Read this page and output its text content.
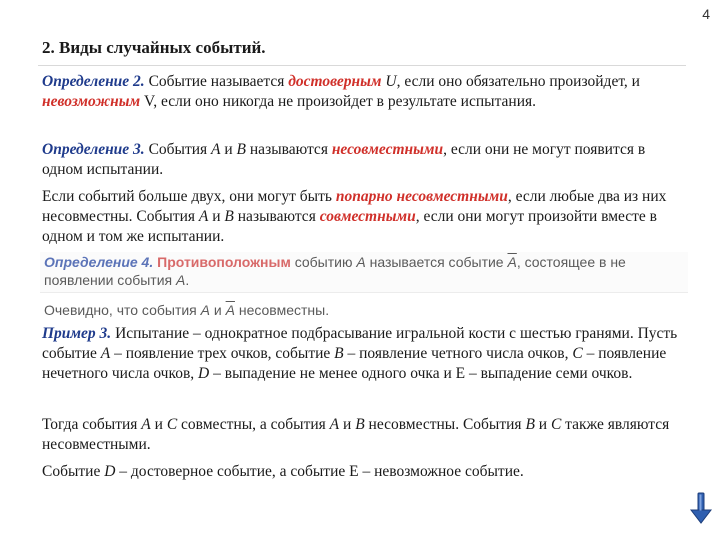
4
2. Виды случайных событий.

Определение 2. Событие называется достоверным U, если оно обязательно произойдет, и невозможным V, если оно никогда не произойдет в результате испытания.

Определение 3. События А и В называются несовместными, если они не могут появится в одном испытании.

Если событий больше двух, они могут быть попарно несовместными, если любые два из них несовместны. События А и В называются совместными, если они могут произойти вместе в одном и том же испытании.

Определение 4. Противоположным событию A называется событие $\overline{A}$, состоящее в не появлении события A.

Очевидно, что события A и $\overline{A}$ несовместны.

Пример 3. Испытание – однократное подбрасывание игральной кости с шестью гранями. Пусть событие А – появление трех очков, событие В – появление четного числа очков, С – появление нечетного числа очков, D – выпадение не менее одного очка и E – выпадение семи очков.

Тогда события А и С совместны, а события А и В несовместны. События В и С также являются несовместными.

Событие D – достоверное событие, а событие E – невозможное событие.
